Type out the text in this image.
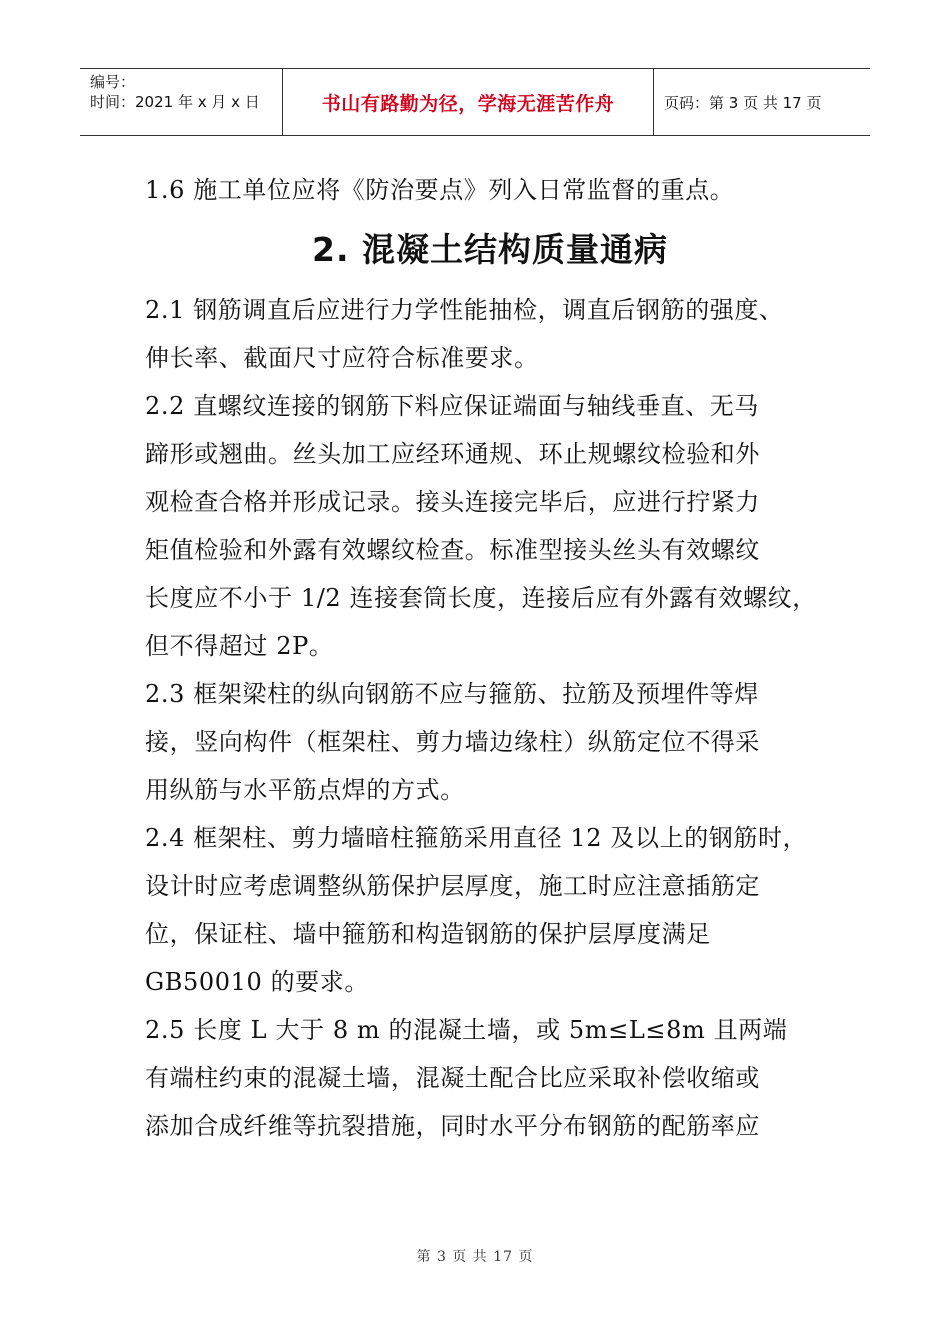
编号：
时间：2021 年 x 月 x 日	书山有路勤为径，学海无涯苦作舟	页码：第 3 页 共 17 页
1.6 施工单位应将《防治要点》列入日常监督的重点。
2. 混凝土结构质量通病
2.1 钢筋调直后应进行力学性能抽检，调直后钢筋的强度、
伸长率、截面尺寸应符合标准要求。
2.2 直螺纹连接的钢筋下料应保证端面与轴线垂直、无马
蹄形或翘曲。丝头加工应经环通规、环止规螺纹检验和外
观检查合格并形成记录。接头连接完毕后，应进行拧紧力
矩值检验和外露有效螺纹检查。标准型接头丝头有效螺纹
长度应不小于 1/2 连接套筒长度，连接后应有外露有效螺纹，
但不得超过 2P。
2.3 框架梁柱的纵向钢筋不应与箍筋、拉筋及预埋件等焊
接，竖向构件（框架柱、剪力墙边缘柱）纵筋定位不得采
用纵筋与水平筋点焊的方式。
2.4 框架柱、剪力墙暗柱箍筋采用直径 12 及以上的钢筋时，
设计时应考虑调整纵筋保护层厚度，施工时应注意插筋定
位，保证柱、墙中箍筋和构造钢筋的保护层厚度满足
GB50010 的要求。
2.5 长度 L 大于 8 m 的混凝土墙，或 5m≤L≤8m 且两端
有端柱约束的混凝土墙，混凝土配合比应采取补偿收缩或
添加合成纤维等抗裂措施，同时水平分布钢筋的配筋率应
第 3 页 共 17 页
